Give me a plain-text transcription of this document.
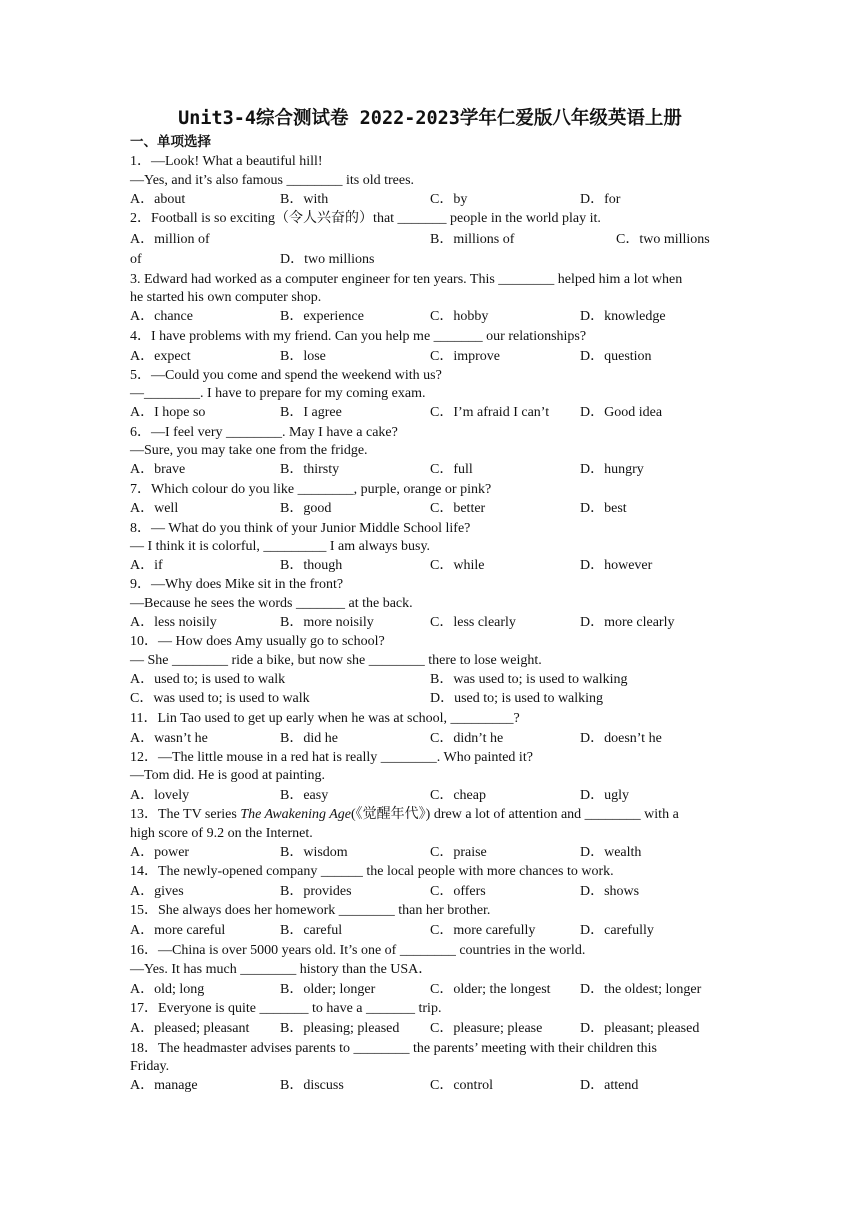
Unit3-4综合测试卷 2022-2023学年仁爱版八年级英语上册
一、单项选择
1．—Look! What a beautiful hill!
—Yes, and it’s also famous ________ its old trees.
A．about	B．with	C．by	D．for
2．Football is so exciting（令人兴奋的）that _______ people in the world play it.
A．million of	B．millions of	C．two millions
of	D．two millions
3. Edward had worked as a computer engineer for ten years. This ________ helped him a lot when
he started his own computer shop.
A．chance	B．experience	C．hobby	D．knowledge
4．I have problems with my friend. Can you help me _______ our relationships?
A．expect	B．lose	C．improve	D．question
5．—Could you come and spend the weekend with us?
—________. I have to prepare for my coming exam.
A．I hope so	B．I agree	C．I’m afraid I can’t D．Good idea
6．—I feel very ________. May I have a cake?
—Sure, you may take one from the fridge.
A．brave	B．thirsty	C．full	D．hungry
7．Which colour do you like ________, purple, orange or pink?
A．well	B．good	C．better	D．best
8．— What do you think of your Junior Middle School life?
— I think it is colorful, _________ I am always busy.
A．if	B．though	C．while	D．however
9．—Why does Mike sit in the front?
—Because he sees the words _______ at the back.
A．less noisily	B．more noisily	C．less clearly	D．more clearly
10．— How does Amy usually go to school?
— She ________ ride a bike, but now she ________ there to lose weight.
A．used to; is used to walk	B．was used to; is used to walking
C．was used to; is used to walk	D．used to; is used to walking
11．Lin Tao used to get up early when he was at school, _________?
A．wasn’t he	B．did he	C．didn’t he	D．doesn’t he
12．—The little mouse in a red hat is really ________. Who painted it?
—Tom did. He is good at painting.
A．lovely	B．easy	C．cheap	D．ugly
13．The TV series The Awakening Age(《觉醒年代》) drew a lot of attention and ________ with a
high score of 9.2 on the Internet.
A．power	B．wisdom	C．praise	D．wealth
14．The newly-opened company ______ the local people with more chances to work.
A．gives	B．provides	C．offers	D．shows
15．She always does her homework ________ than her brother.
A．more careful	B．careful	C．more carefully	D．carefully
16．—China is over 5000 years old. It’s one of ________ countries in the world.
—Yes. It has much ________ history than the USA．
A．old; long	B．older; longer	C．older; the longest D．the oldest; longer
17．Everyone is quite _______ to have a _______ trip.
A．pleased; pleasant B．pleasing; pleased C．pleasure; please	D．pleasant; pleased
18．The headmaster advises parents to ________ the parents’ meeting with their children this
Friday.
A．manage	B．discuss	C．control	D．attend
